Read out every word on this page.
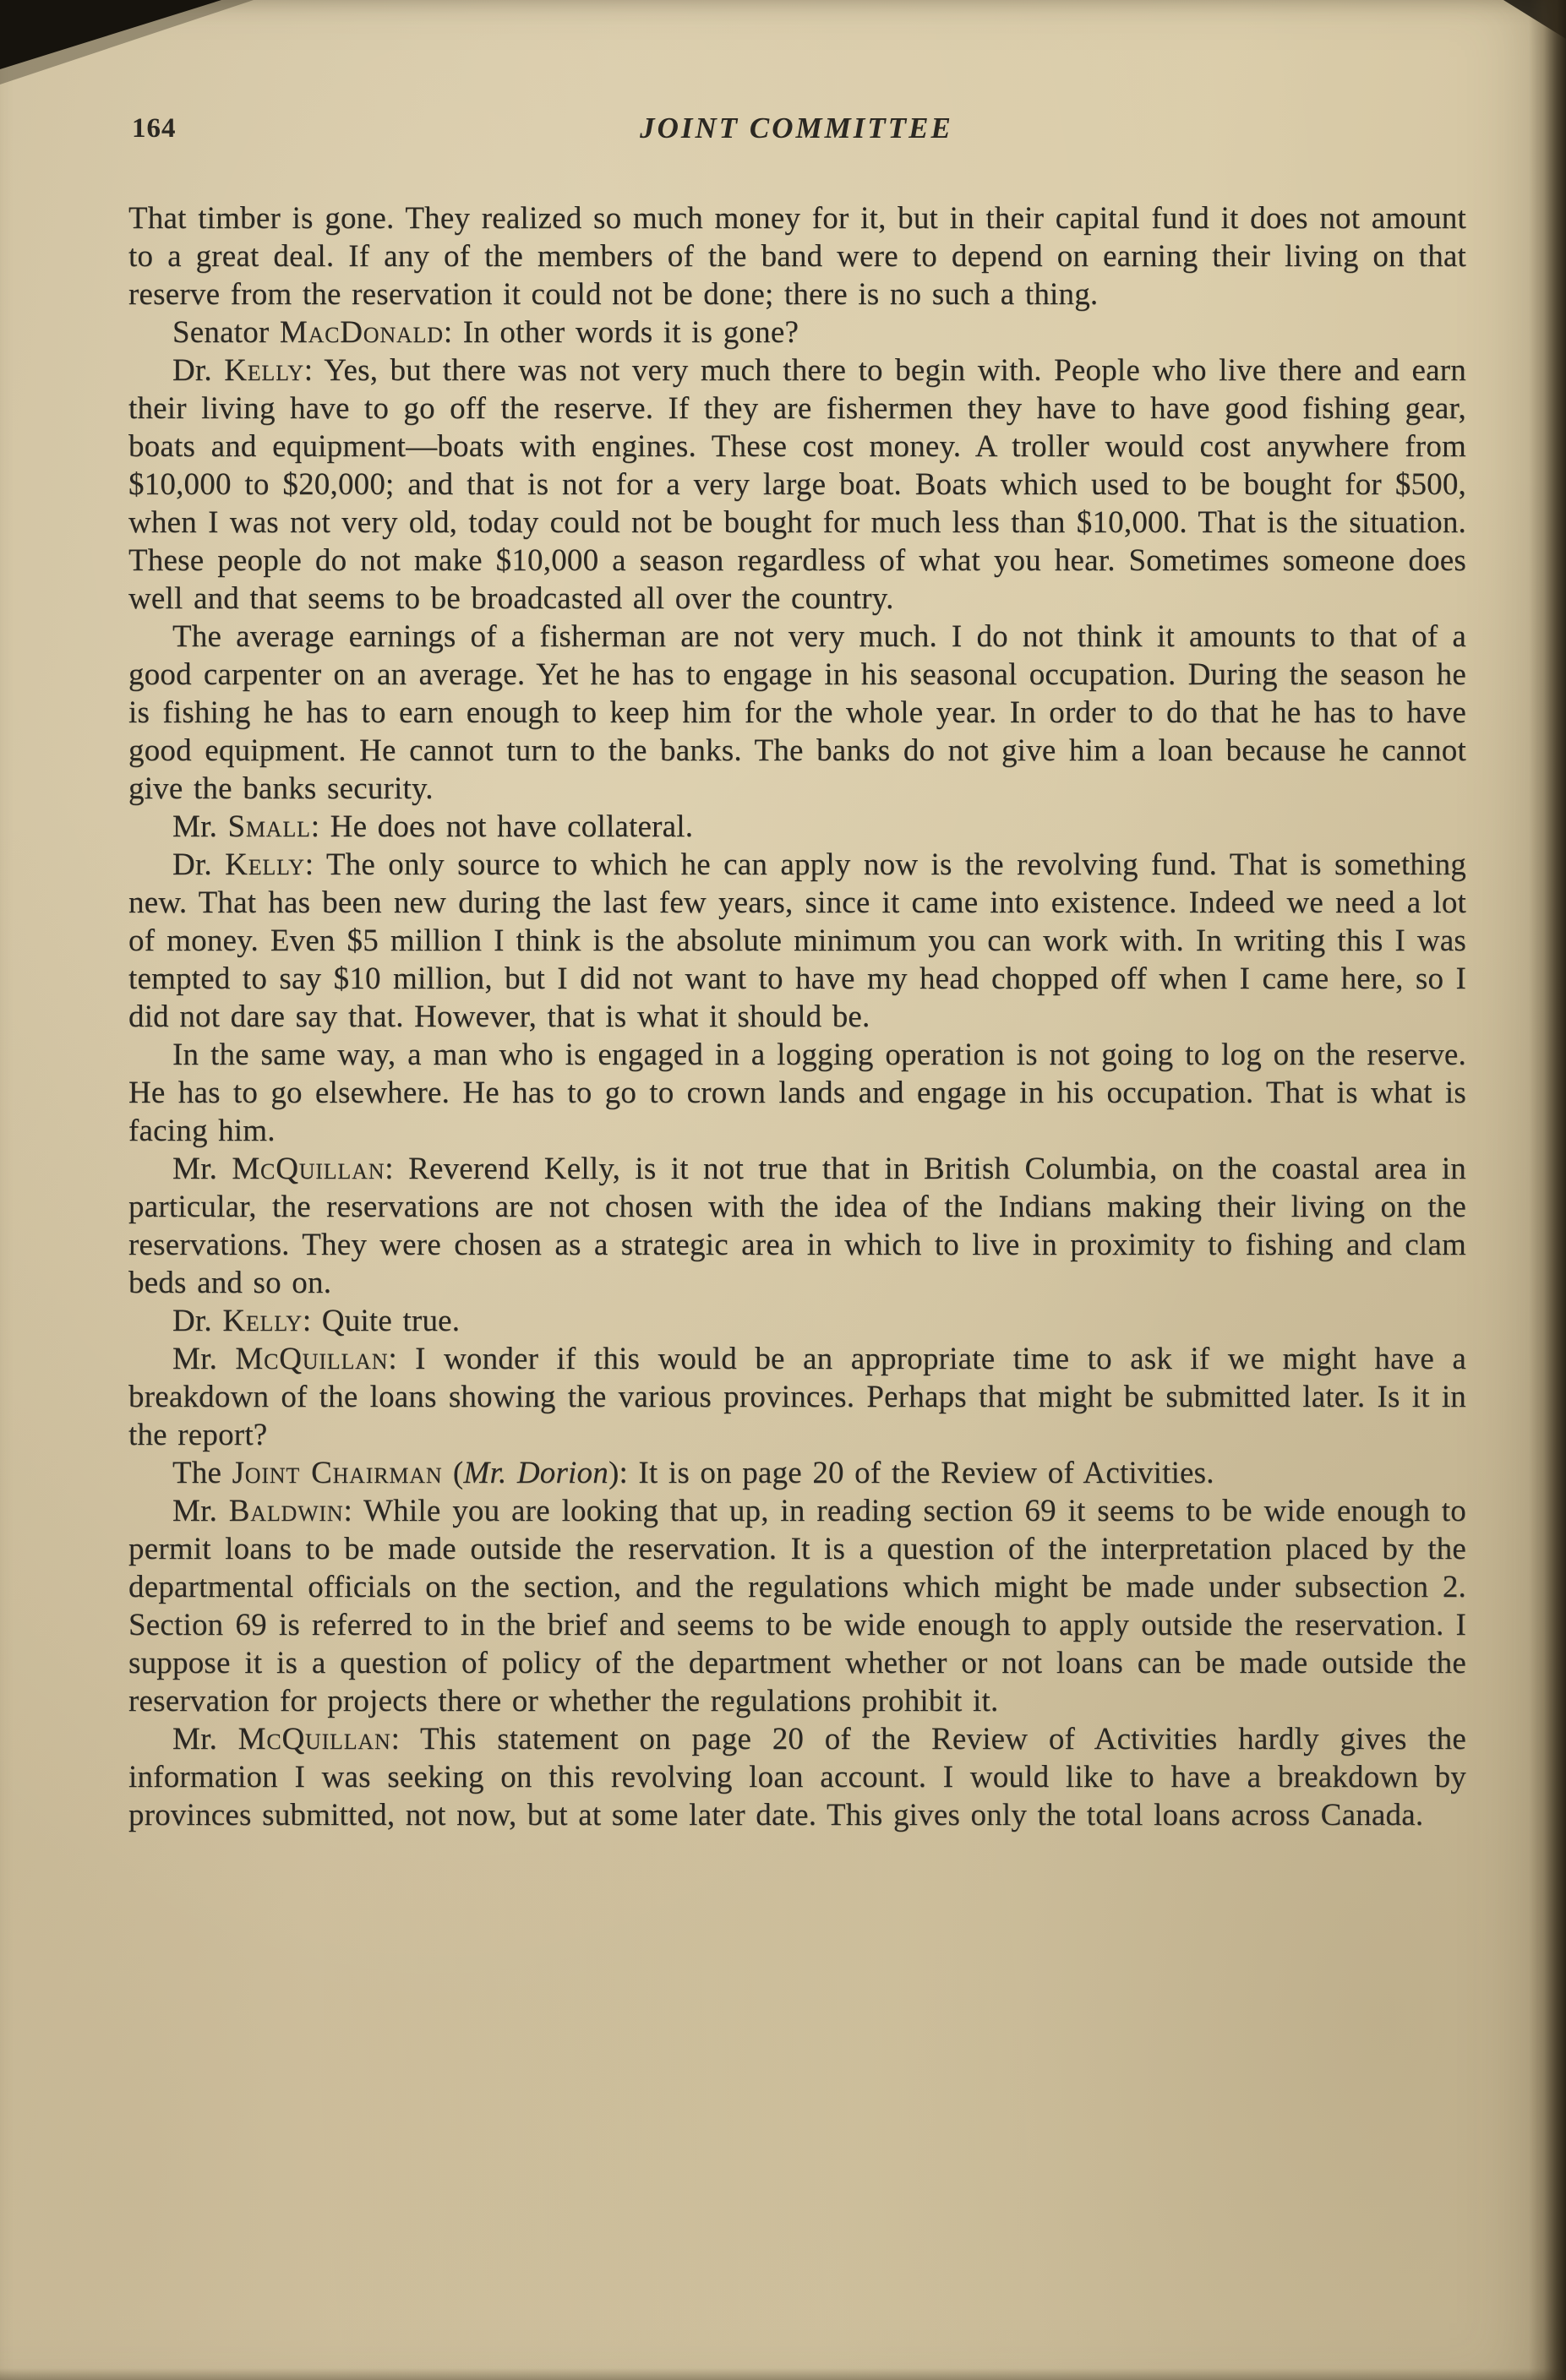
164	JOINT COMMITTEE

That timber is gone. They realized so much money for it, but in their capital fund it does not amount to a great deal. If any of the members of the band were to depend on earning their living on that reserve from the reservation it could not be done; there is no such a thing.

Senator MacDonald: In other words it is gone?

Dr. Kelly: Yes, but there was not very much there to begin with. People who live there and earn their living have to go off the reserve. If they are fishermen they have to have good fishing gear, boats and equipment—boats with engines. These cost money. A troller would cost anywhere from $10,000 to $20,000; and that is not for a very large boat. Boats which used to be bought for $500, when I was not very old, today could not be bought for much less than $10,000. That is the situation. These people do not make $10,000 a season regardless of what you hear. Sometimes someone does well and that seems to be broadcasted all over the country.

The average earnings of a fisherman are not very much. I do not think it amounts to that of a good carpenter on an average. Yet he has to engage in his seasonal occupation. During the season he is fishing he has to earn enough to keep him for the whole year. In order to do that he has to have good equipment. He cannot turn to the banks. The banks do not give him a loan because he cannot give the banks security.

Mr. Small: He does not have collateral.

Dr. Kelly: The only source to which he can apply now is the revolving fund. That is something new. That has been new during the last few years, since it came into existence. Indeed we need a lot of money. Even $5 million I think is the absolute minimum you can work with. In writing this I was tempted to say $10 million, but I did not want to have my head chopped off when I came here, so I did not dare say that. However, that is what it should be.

In the same way, a man who is engaged in a logging operation is not going to log on the reserve. He has to go elsewhere. He has to go to crown lands and engage in his occupation. That is what is facing him.

Mr. McQuillan: Reverend Kelly, is it not true that in British Columbia, on the coastal area in particular, the reservations are not chosen with the idea of the Indians making their living on the reservations. They were chosen as a strategic area in which to live in proximity to fishing and clam beds and so on.

Dr. Kelly: Quite true.

Mr. McQuillan: I wonder if this would be an appropriate time to ask if we might have a breakdown of the loans showing the various provinces. Perhaps that might be submitted later. Is it in the report?

The Joint Chairman (Mr. Dorion): It is on page 20 of the Review of Activities.

Mr. Baldwin: While you are looking that up, in reading section 69 it seems to be wide enough to permit loans to be made outside the reservation. It is a question of the interpretation placed by the departmental officials on the section, and the regulations which might be made under subsection 2. Section 69 is referred to in the brief and seems to be wide enough to apply outside the reservation. I suppose it is a question of policy of the department whether or not loans can be made outside the reservation for projects there or whether the regulations prohibit it.

Mr. McQuillan: This statement on page 20 of the Review of Activities hardly gives the information I was seeking on this revolving loan account. I would like to have a breakdown by provinces submitted, not now, but at some later date. This gives only the total loans across Canada.
